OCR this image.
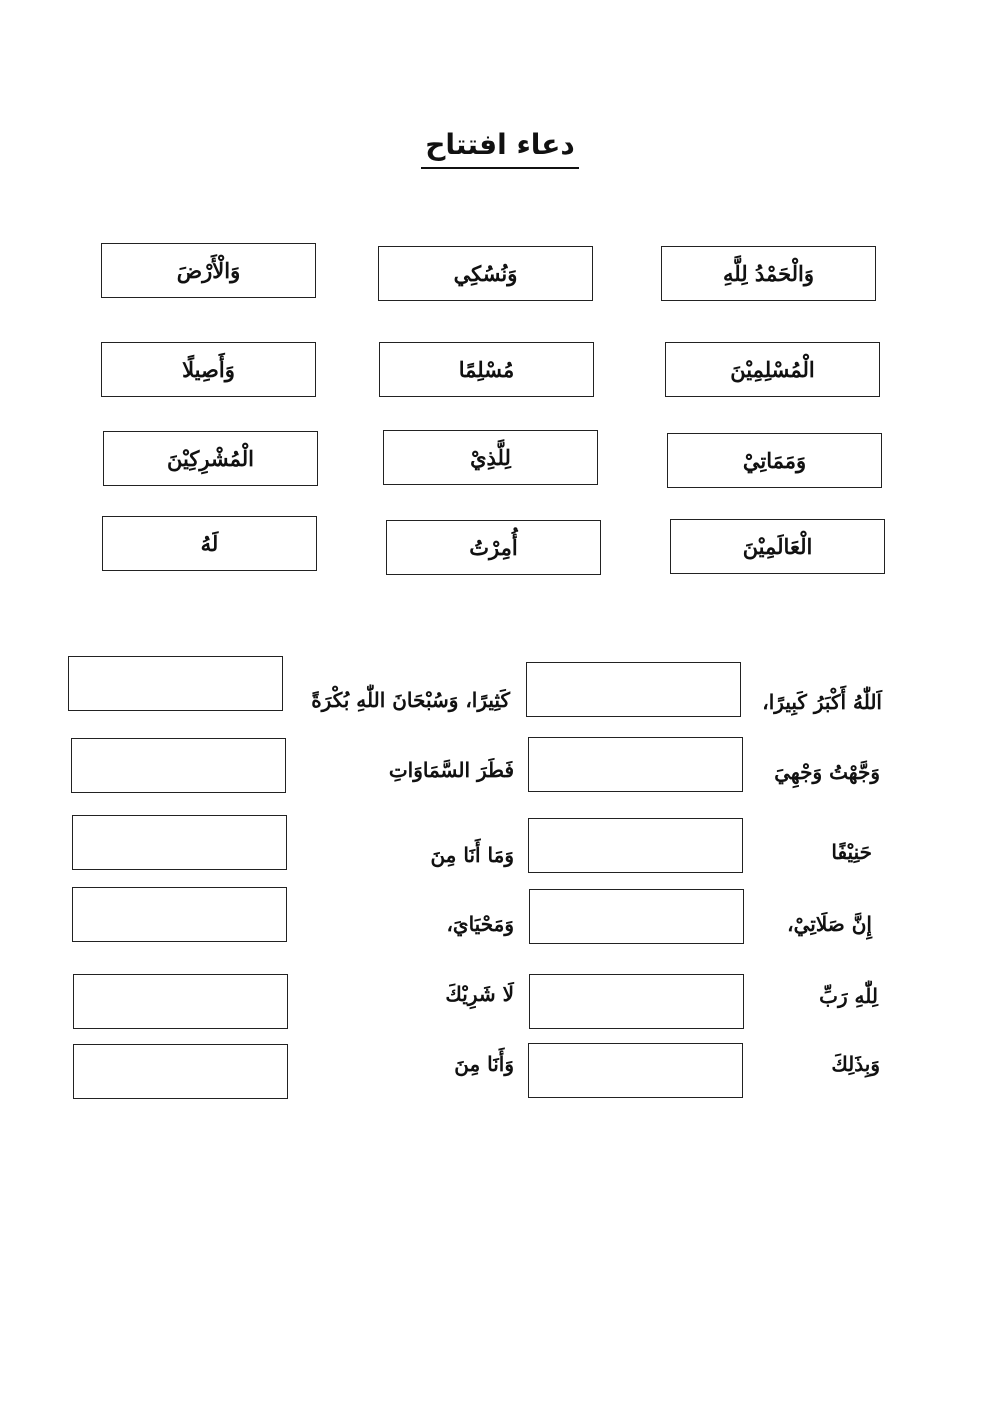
دعاء افتتاح
وَالْأَرْضَ	وَنُسُكِي	وَالْحَمْدُ لِلَّهِ
وَأَصِيلًا	مُسْلِمًا	الْمُسْلِمِيْنَ
الْمُشْرِكِيْنَ	لِلَّذِيْ	وَمَمَاتِيْ
لَهُ	أُمِرْتُ	الْعَالَمِيْنَ
اَللّٰهُ أَكْبَرُ كَبِيرًا،
كَثِيرًا، وَسُبْحَانَ اللّٰهِ بُكْرَةً
وَجَّهْتُ وَجْهِيَ
فَطَرَ السَّمَاوَاتِ
حَنِيْفًا
وَمَا أَنَا مِنَ
إِنَّ صَلَاتِيْ،
وَمَحْيَايَ،
لِلّٰهِ رَبِّ
لَا شَرِيْكَ
وَبِذَلِكَ
وَأَنَا مِنَ
